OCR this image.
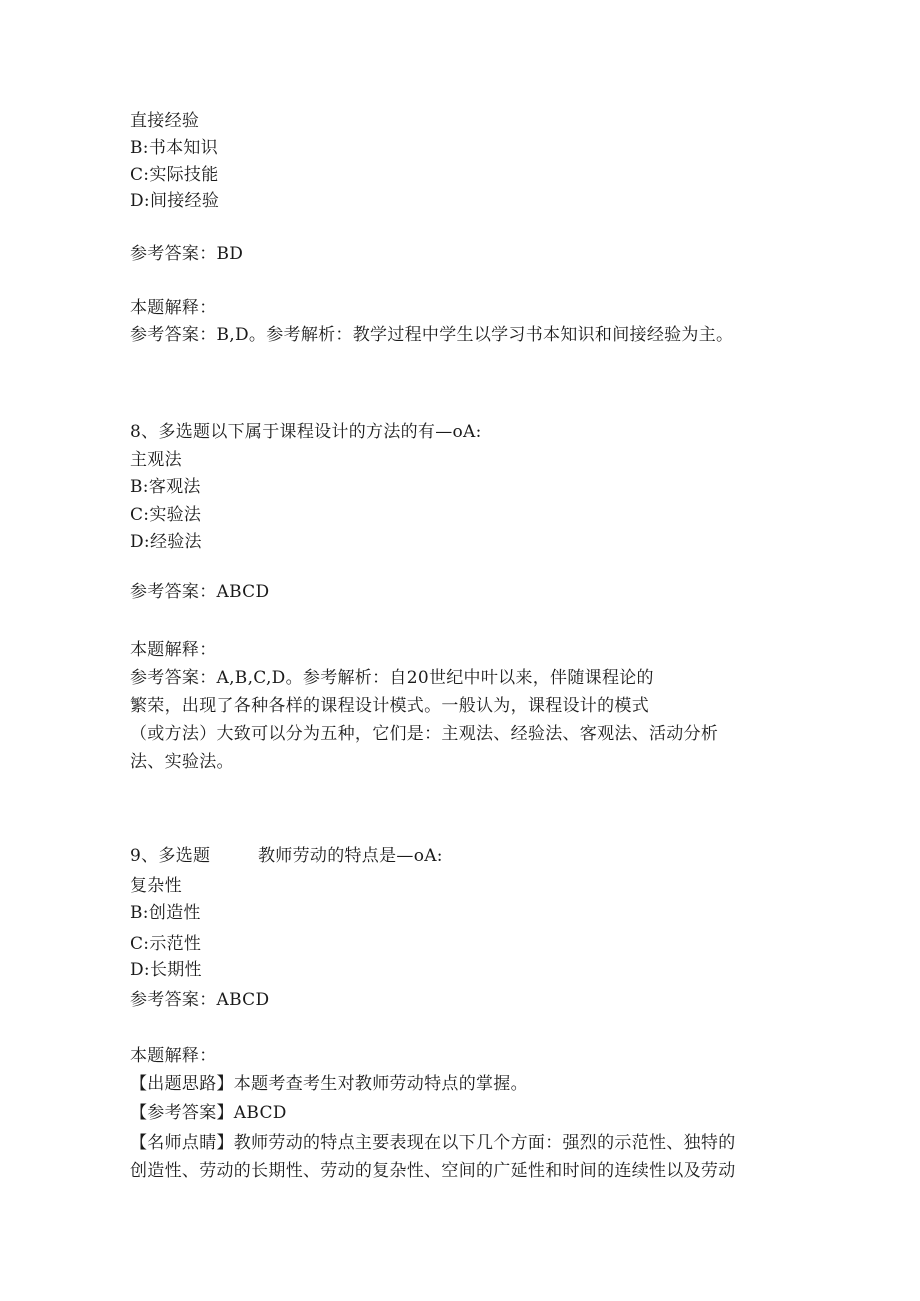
直接经验
B:书本知识
C:实际技能
D:间接经验
参考答案：BD
本题解释：
参考答案：B,D。参考解析：教学过程中学生以学习书本知识和间接经验为主。
8、多选题以下属于课程设计的方法的有—oA:
主观法
B:客观法
C:实验法
D:经验法
参考答案：ABCD
本题解释：
参考答案：A,B,C,D。参考解析：自20世纪中叶以来，伴随课程论的
繁荣，出现了各种各样的课程设计模式。一般认为，课程设计的模式
（或方法）大致可以分为五种，它们是：主观法、经验法、客观法、活动分析
法、实验法。
9、多选题	教师劳动的特点是—oA:
复杂性
B:创造性
C:示范性
D:长期性
参考答案：ABCD
本题解释：
【出题思路】本题考查考生对教师劳动特点的掌握。
【参考答案】ABCD
【名师点睛】教师劳动的特点主要表现在以下几个方面：强烈的示范性、独特的
创造性、劳动的长期性、劳动的复杂性、空间的广延性和时间的连续性以及劳动
